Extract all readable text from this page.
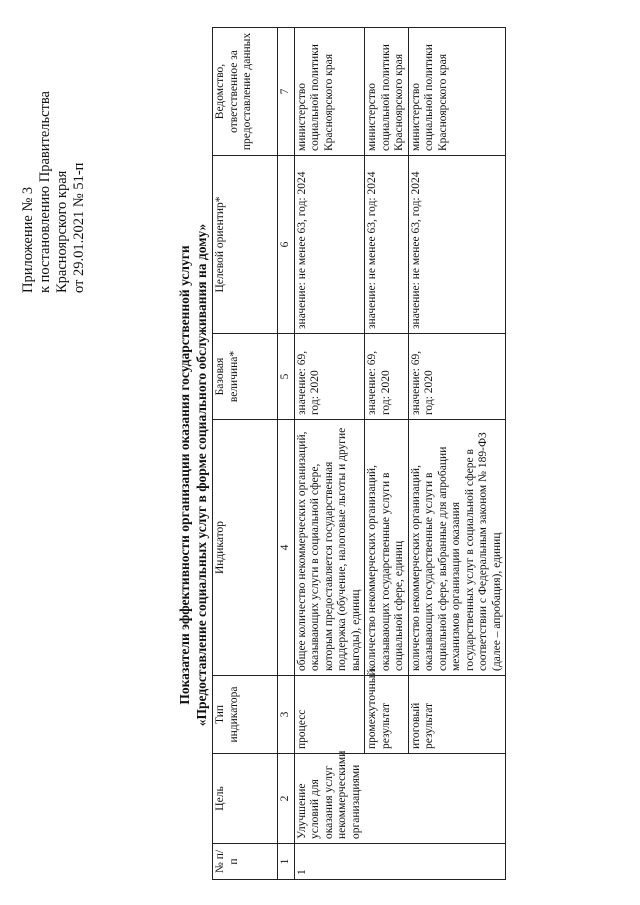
Приложение № 3 к постановлению Правительства Красноярского края от 29.01.2021 № 51-п
Показатели эффективности организации оказания государственной услуги «Предоставление социальных услуг в форме социального обслуживания на дому»
№ п/п	Цель	Тип индикатора	Индикатор	Базовая величина*	Целевой ориентир*	Ведомство, ответственное за предоставление данных
1	2	3	4	5	6	7
1	Улучшение условий для оказания услуг некоммерческими организациями	процесс	общее количество некоммерческих организаций, оказывающих услуги в социальной сфере, которым предоставляется государственная поддержка (обучение, налоговые льготы и другие выгоды), единиц	значение: 69, год: 2020	значение: не менее 63, год: 2024	министерство социальной политики Красноярского края
		промежуточный результат	количество некоммерческих организаций, оказывающих государственные услуги в социальной сфере, единиц	значение: 69, год: 2020	значение: не менее 63, год: 2024	министерство социальной политики Красноярского края
		итоговый результат	количество некоммерческих организаций, оказывающих государственные услуги в социальной сфере, выбранные для апробации механизмов организации оказания государственных услуг в социальной сфере в соответствии с Федеральным законом № 189-ФЗ (далее – апробация), единиц	значение: 69, год: 2020	значение: не менее 63, год: 2024	министерство социальной политики Красноярского края
